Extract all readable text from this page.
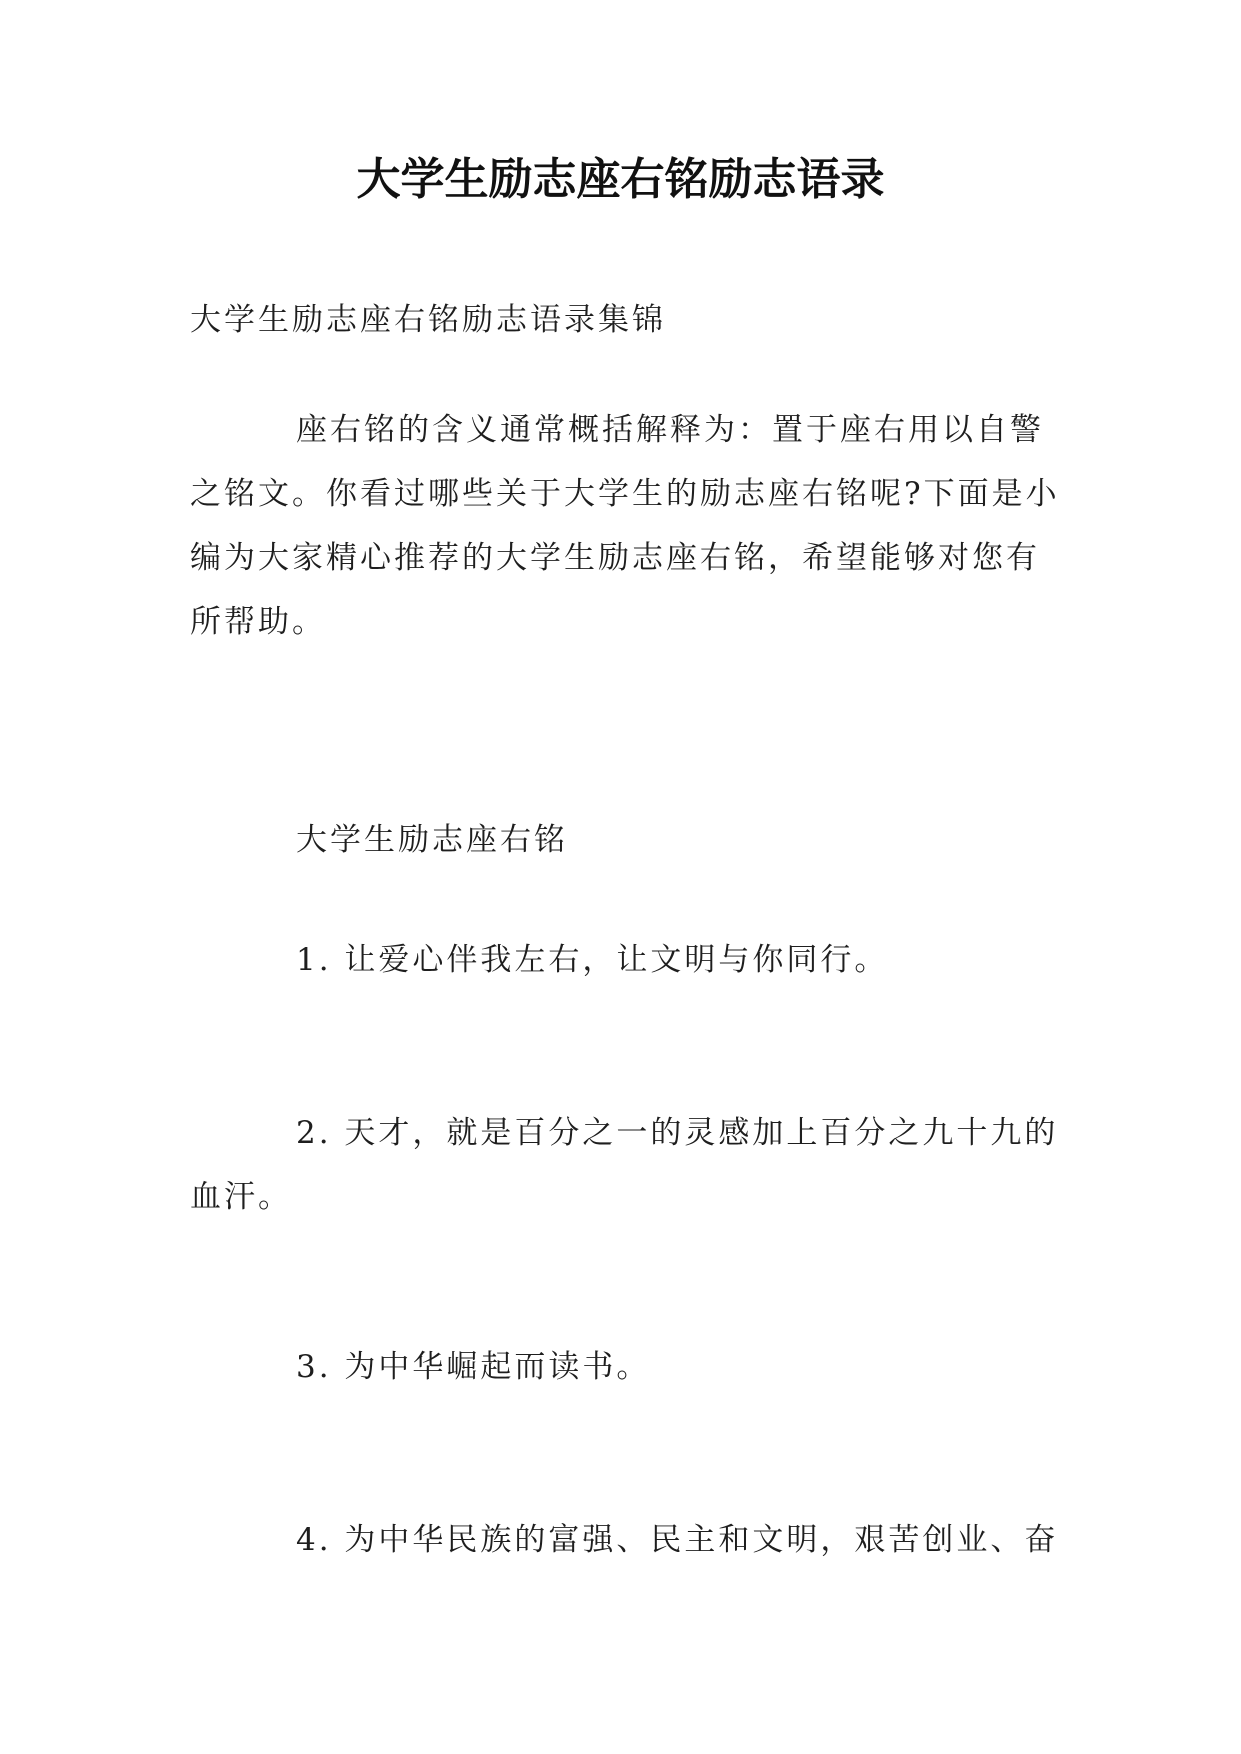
大学生励志座右铭励志语录

大学生励志座右铭励志语录集锦

座右铭的含义通常概括解释为：置于座右用以自警之铭文。你看过哪些关于大学生的励志座右铭呢?下面是小编为大家精心推荐的大学生励志座右铭，希望能够对您有所帮助。

大学生励志座右铭

1. 让爱心伴我左右，让文明与你同行。

2. 天才，就是百分之一的灵感加上百分之九十九的血汗。

3. 为中华崛起而读书。

4. 为中华民族的富强、民主和文明，艰苦创业、奋
